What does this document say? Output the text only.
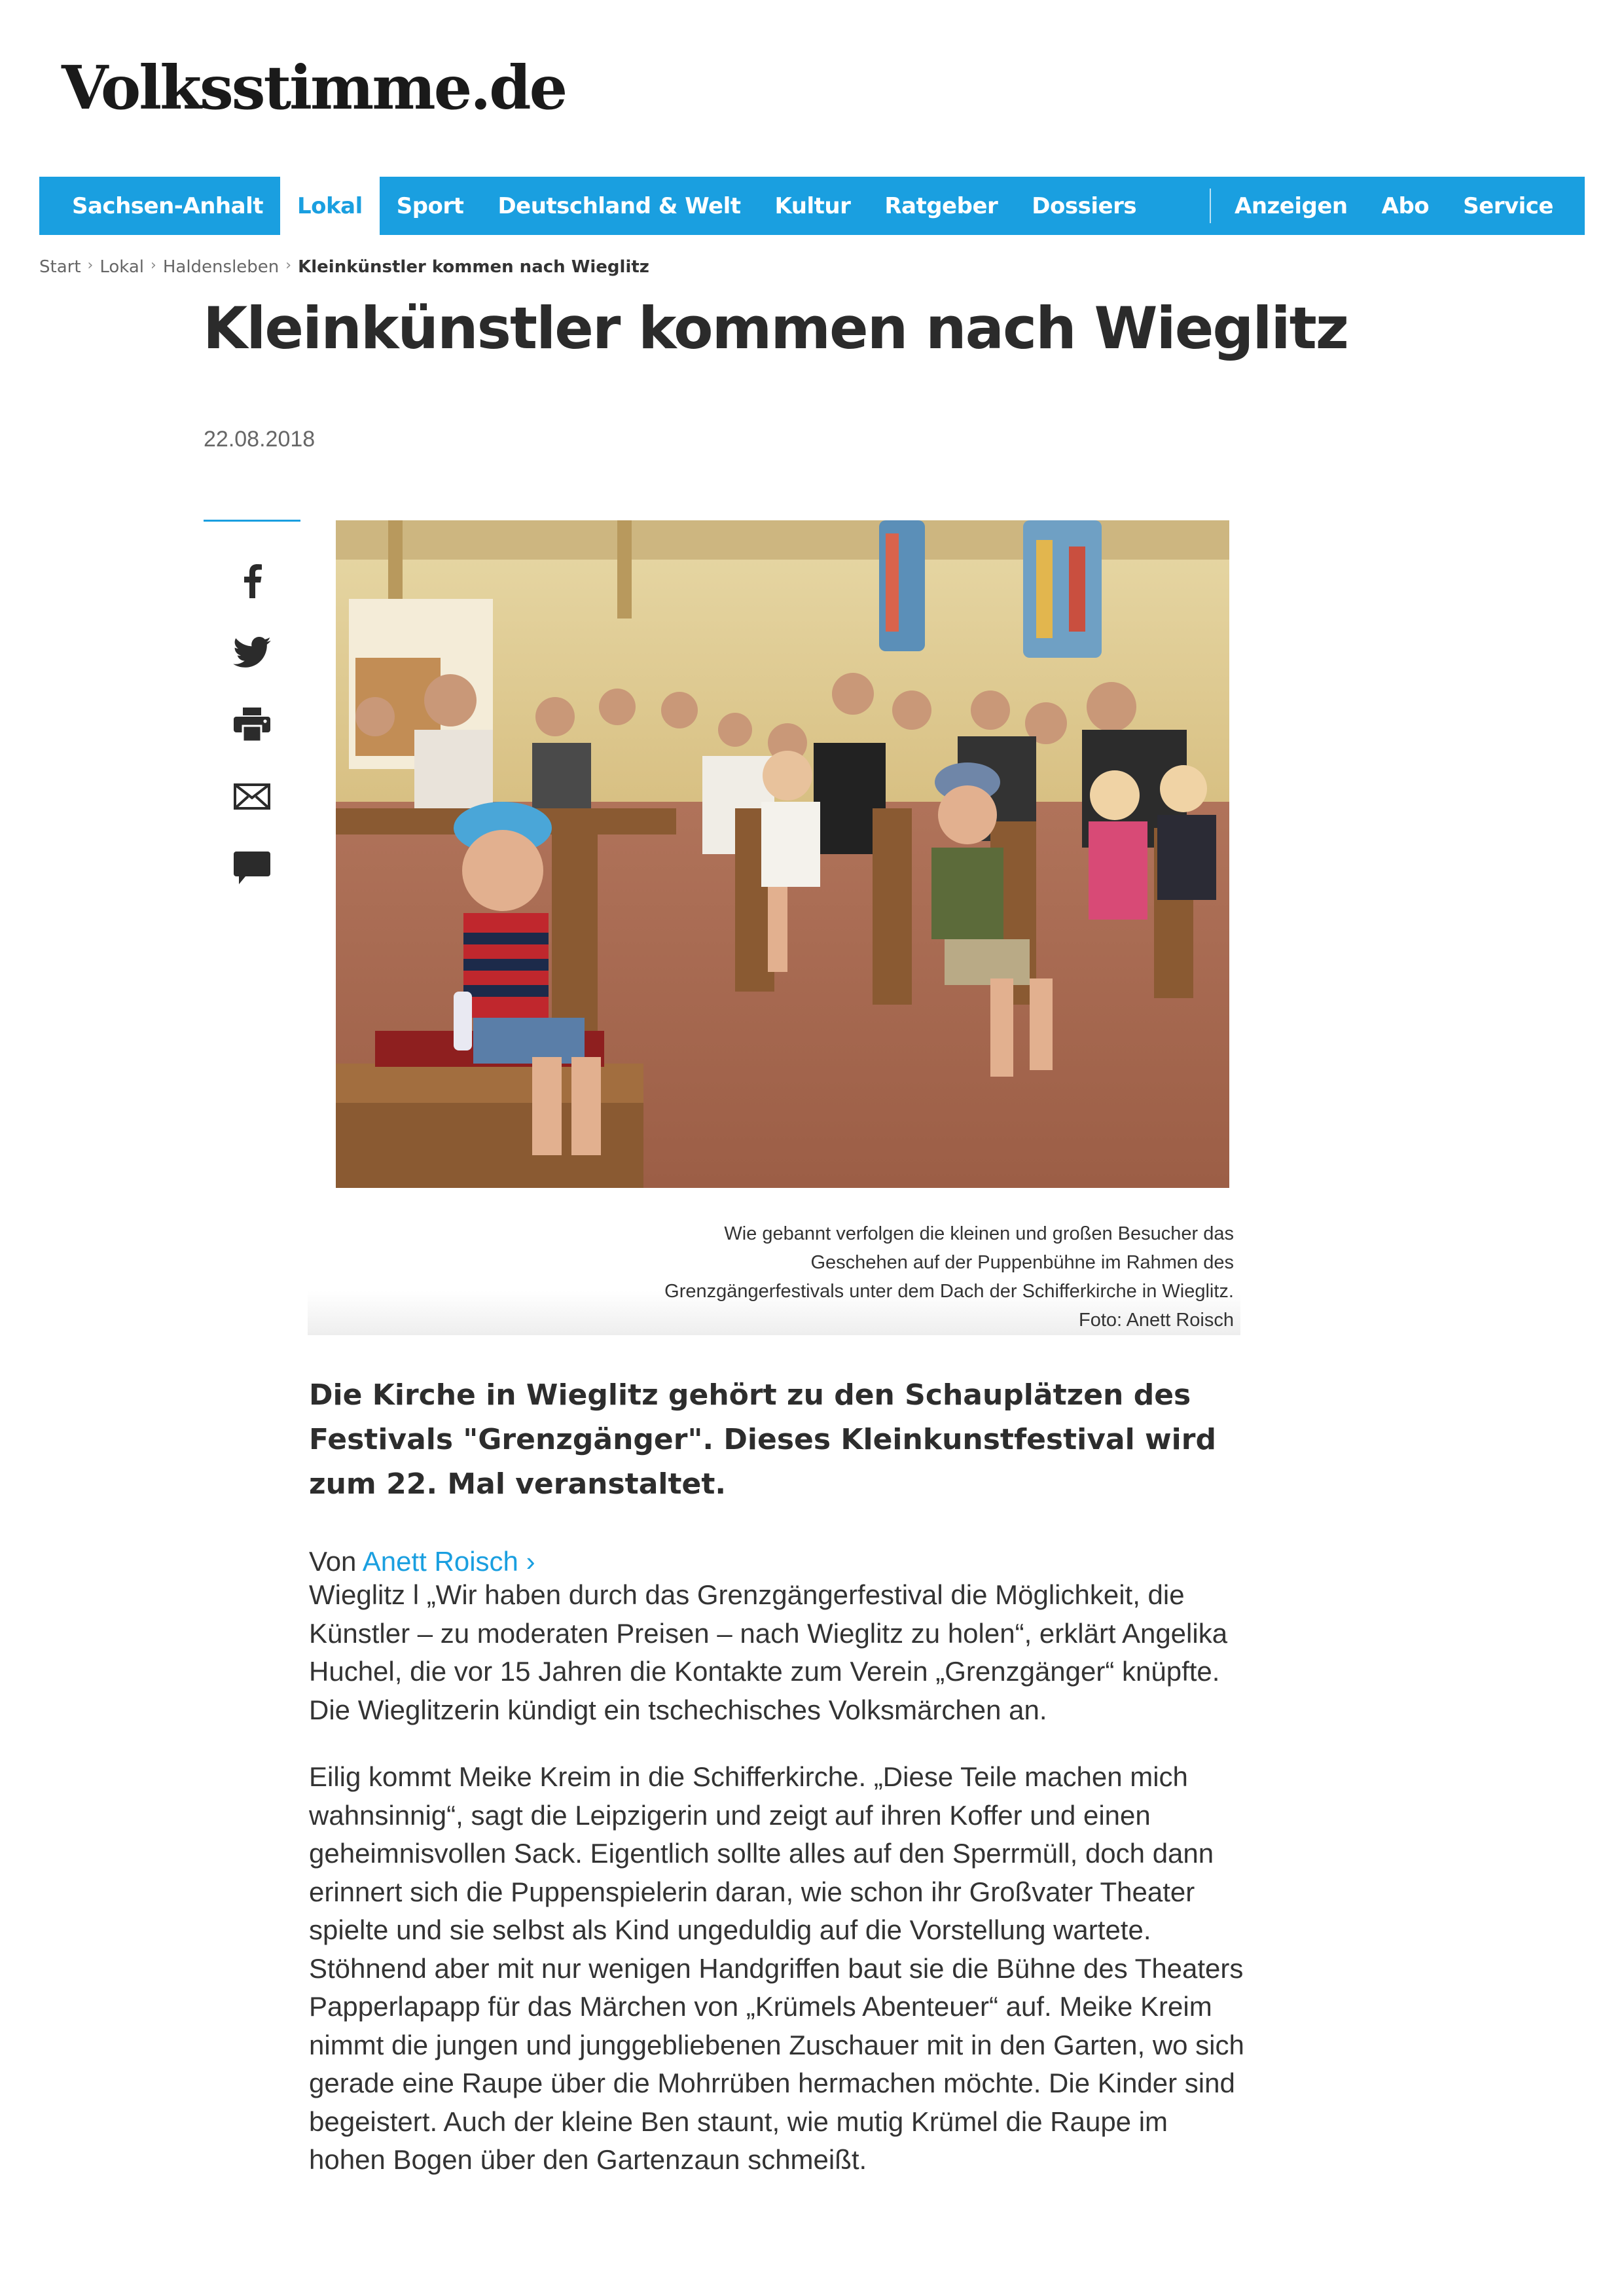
Volksstimme.de
Sachsen-Anhalt	Lokal	Sport	Deutschland & Welt	Kultur	Ratgeber	Dossiers	Anzeigen	Abo	Service
Start › Lokal › Haldensleben › Kleinkünstler kommen nach Wieglitz
Kleinkünstler kommen nach Wieglitz
22.08.2018
Wie gebannt verfolgen die kleinen und großen Besucher das Geschehen auf der Puppenbühne im Rahmen des Grenzgängerfestivals unter dem Dach der Schifferkirche in Wieglitz. Foto: Anett Roisch

Die Kirche in Wieglitz gehört zu den Schauplätzen des Festivals "Grenzgänger". Dieses Kleinkunstfestival wird zum 22. Mal veranstaltet.

Von Anett Roisch ›

Wieglitz l „Wir haben durch das Grenzgängerfestival die Möglichkeit, die Künstler – zu moderaten Preisen – nach Wieglitz zu holen“, erklärt Angelika Huchel, die vor 15 Jahren die Kontakte zum Verein „Grenzgänger“ knüpfte. Die Wieglitzerin kündigt ein tschechisches Volksmärchen an.

Eilig kommt Meike Kreim in die Schifferkirche. „Diese Teile machen mich wahnsinnig“, sagt die Leipzigerin und zeigt auf ihren Koffer und einen geheimnisvollen Sack. Eigentlich sollte alles auf den Sperrmüll, doch dann erinnert sich die Puppenspielerin daran, wie schon ihr Großvater Theater spielte und sie selbst als Kind ungeduldig auf die Vorstellung wartete. Stöhnend aber mit nur wenigen Handgriffen baut sie die Bühne des Theaters Papperlapapp für das Märchen von „Krümels Abenteuer“ auf. Meike Kreim nimmt die jungen und junggebliebenen Zuschauer mit in den Garten, wo sich gerade eine Raupe über die Mohrrüben hermachen möchte. Die Kinder sind begeistert. Auch der kleine Ben staunt, wie mutig Krümel die Raupe im hohen Bogen über den Gartenzaun schmeißt.
